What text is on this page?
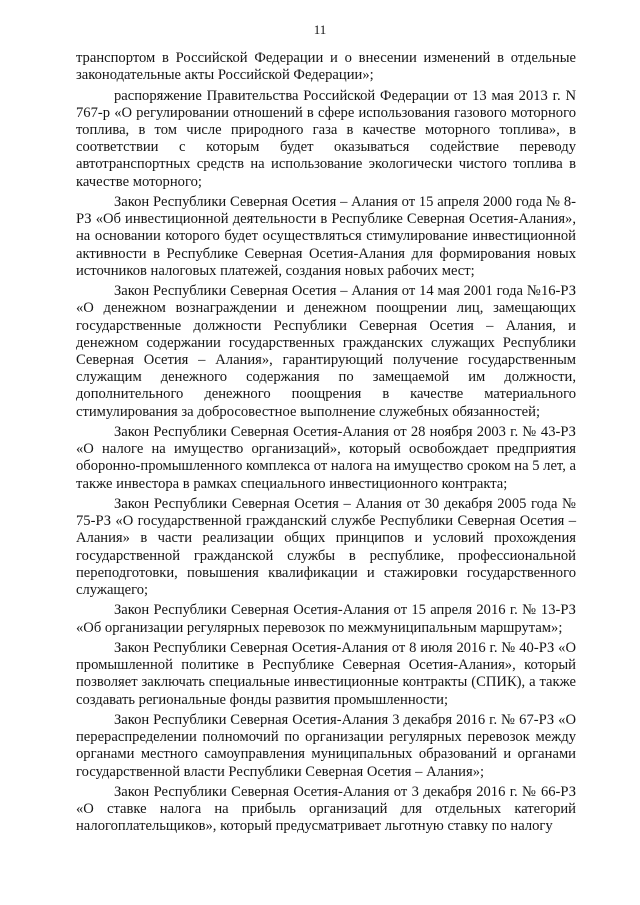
11

транспортом в Российской Федерации и о внесении изменений в отдельные законодательные акты Российской Федерации»;

распоряжение Правительства Российской Федерации от 13 мая 2013 г. N 767-р «О регулировании отношений в сфере использования газового моторного топлива, в том числе природного газа в качестве моторного топлива», в соответствии с которым будет оказываться содействие переводу автотранспортных средств на использование экологически чистого топлива в качестве моторного;

Закон Республики Северная Осетия – Алания от 15 апреля 2000 года № 8-РЗ «Об инвестиционной деятельности в Республике Северная Осетия-Алания», на основании которого будет осуществляться стимулирование инвестиционной активности в Республике Северная Осетия-Алания для формирования новых источников налоговых платежей, создания новых рабочих мест;

Закон Республики Северная Осетия – Алания от 14 мая 2001 года №16-РЗ «О денежном вознаграждении и денежном поощрении лиц, замещающих государственные должности Республики Северная Осетия – Алания, и денежном содержании государственных гражданских служащих Республики Северная Осетия – Алания», гарантирующий получение государственным служащим денежного содержания по замещаемой им должности, дополнительного денежного поощрения в качестве материального стимулирования за добросовестное выполнение служебных обязанностей;

Закон Республики Северная Осетия-Алания от 28 ноября 2003 г. № 43-РЗ «О налоге на имущество организаций», который освобождает предприятия оборонно-промышленного комплекса от налога на имущество сроком на 5 лет, а также инвестора в рамках специального инвестиционного контракта;

Закон Республики Северная Осетия – Алания от 30 декабря 2005 года № 75-РЗ «О государственной гражданский службе Республики Северная Осетия – Алания» в части реализации общих принципов и условий прохождения государственной гражданской службы в республике, профессиональной переподготовки, повышения квалификации и стажировки государственного служащего;

Закон Республики Северная Осетия-Алания от 15 апреля 2016 г. № 13-РЗ «Об организации регулярных перевозок по межмуниципальным маршрутам»;

Закон Республики Северная Осетия-Алания от 8 июля 2016 г. № 40-РЗ «О промышленной политике в Республике Северная Осетия-Алания», который позволяет заключать специальные инвестиционные контракты (СПИК), а также создавать региональные фонды развития промышленности;

Закон Республики Северная Осетия-Алания 3 декабря 2016 г. № 67-РЗ «О перераспределении полномочий по организации регулярных перевозок между органами местного самоуправления муниципальных образований и органами государственной власти Республики Северная Осетия – Алания»;

Закон Республики Северная Осетия-Алания от 3 декабря 2016 г. № 66-РЗ «О ставке налога на прибыль организаций для отдельных категорий налогоплательщиков», который предусматривает льготную ставку по налогу
